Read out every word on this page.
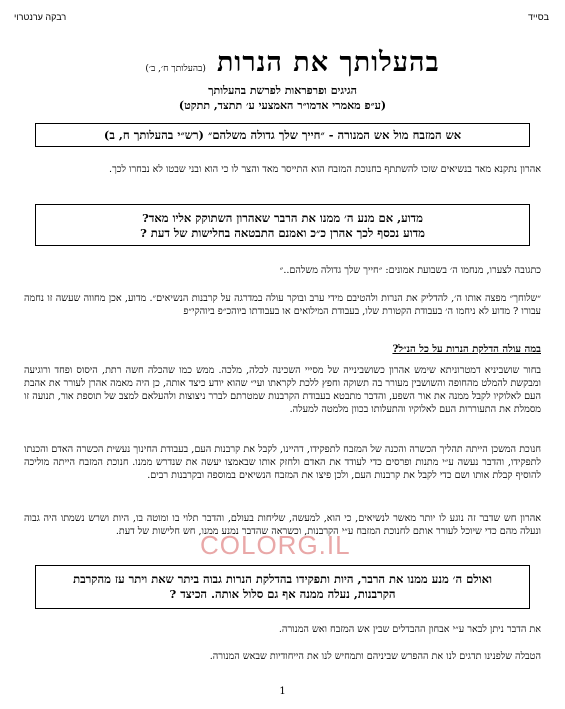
רבקה ערנטרוי	בסייד
בהעלותך את הנרות (בהעלותך ח׳, ב׳)
הגיגים ופרפראות לפרשת בהעלותך
(ע״פ מאמרי אדמו״ר האמצעי ע׳ תתצד, תתקט)
אש המזבח מול אש המנורה - ״חייך שלך גדולה משלהם״ (רש״י בהעלותך ח, ב)
אהרון נתקנא מאד בנשיאים שזכו להשתתף בחנוכת המזבח הוא התייסר מאד והצר לו כי הוא ובני שבטו לא נבחרו לכך.
מדוע, אם מנע ה׳ ממנו את הרבר שאהרון השתוקק אליו מאד?
מדוע נכסף לכך אהרן כ״כ ואמנם התבטאה בחלישות של דעת ?
כתגובה לצערו, מנחמו ה׳ בשבועת אמונים: ״חייך שלך גדולה משלהם..״
״שלוחך״ מפצה אותו ה׳, להדליק את הנרות ולהטיבם מידי ערב ובוקר עולה במדרגה על קרבנות הנשיאים״. מדוע, אכן מחווה שעשה זו נחמה עבורו ? מדוע לא ניחמו ה׳ בעבודת הקטורת שלו, בעבודת המילואים או בעבודתו ביוהכ״פ ביוהקי״פ
במה עולה הדלקת הנרות על כל הנ״ל?
בחור שושביניא דמטרוניתא שימש אהרון כשושבינייה של מסייי השכינה לכלה, מלכה. ממש כמו שהכלה חשה רתת, היסוס ופחד ורוגיעה ומבקשת להמלט מהחופה והשושבין מעורר בה תשוקה וחפץ ללכת לקראתו ועי״ שהוא יודע כיצד אותה, כן היה מאמה אהרן לעורר את אהבת העם לאלוקיו לקבל ממנה את אור השפע, והדבר מתבטא בעבודת הקרבנות שמטרתם לברר ניצוצות ולהעלאם למצב של תוספת אור, תנועה זו מסמלת את התעוררות העם לאלוקיו והתעלותו בכוון מלמטה למעלה.
חנוכת המשכן הייתה תהליך הכשרה והכנה של המזבח לתפקידו, דהיינו, לקבל את קרבנות העם, בעבודת החינוך נעשית הכשרה האדם והכנתו לתפקידו, והדבר נעשה ע״י מתנות ופרסים כדי לעודד את האדם ולחזק אותו שבאמצו יעשה את שנדרש ממנו. חנוכת המזבח הייתה מוליכה להוסיף קבלת אותו ושם כדי לקבל את קרבנות העם, ולכן פיצו את המזבח הנשיאים במוספה ובקרבנות רבים.
אהרון חש שדבר זה נוגע לו יותר מאשר לנשיאים, כי הוא, למעשה, שליחות בעולם, והדבר תלוי בו ומוטה בו, היות ושרש נשמתו היה גבוה ונעלה מהם כדי שיוכל לעורר אותם לחנוכת המזבח ע״י הקרבנות, וכשראה שהדבר נמנע ממנו, חש חלישות של דעת.
COLORG.IL
ואולם ה׳ מנע ממנו את הרבר, היות ותפקידו בהדלקת הנרות גבוה ביתר שאת ויתר עז מהקרבת
הקרבנות, נעלה ממנה אף גם סלול אותה. הכיצד ?
את הדבר ניתן לבאר ע״י אבחון ההבדלים שבין אש המזבח ואש המנורה.
הטבלה שלפנינו תדגים לנו את ההפרש שביניהם ותמחיש לנו את הייחודיות שבאש המנורה.
1
